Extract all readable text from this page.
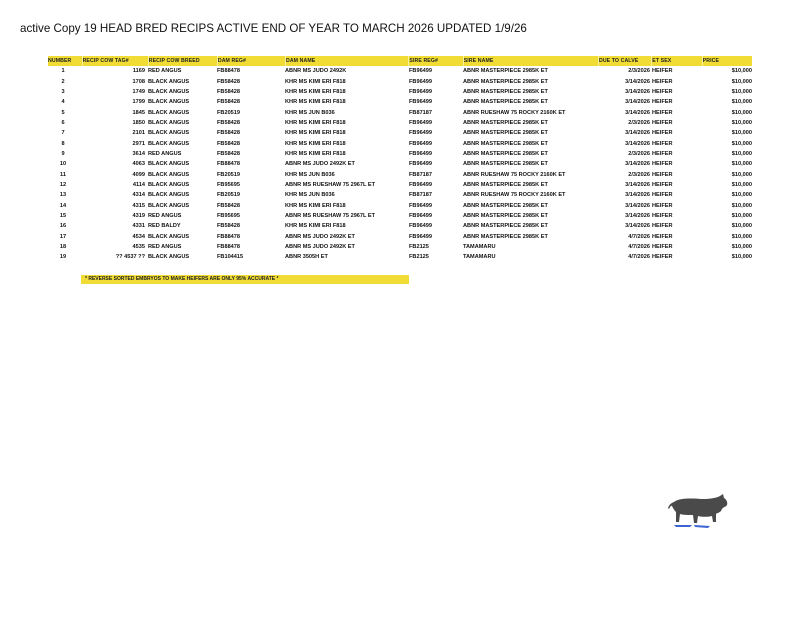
active Copy 19 HEAD BRED RECIPS ACTIVE END OF YEAR TO MARCH 2026 UPDATED 1/9/26
NUMBER	RECIP COW TAG#	RECIP COW BREED	DAM REG#	DAM NAME	SIRE REG#	SIRE NAME	DUE TO CALVE	ET SEX	PRICE
1	1169 RED ANGUS	FB88478	ABNR MS JUDO 2492K	FB96499	ABNR MASTERPIECE 2985K ET	2/3/2026 HEIFER	$10,000
2	1708 BLACK ANGUS	FB58428	KHR MS KIMI ERI F818	FB96499	ABNR MASTERPIECE 2985K ET	3/14/2026 HEIFER	$10,000
3	1749 BLACK ANGUS	FB58428	KHR MS KIMI ERI F818	FB96499	ABNR MASTERPIECE 2985K ET	3/14/2026 HEIFER	$10,000
4	1799 BLACK ANGUS	FB58428	KHR MS KIMI ERI F818	FB96499	ABNR MASTERPIECE 2985K ET	3/14/2026 HEIFER	$10,000
5	1845 BLACK ANGUS	FB20519	KHR MS JUN B036	FB87187	ABNR RUESHAW 75 ROCKY 2160K ET	3/14/2026 HEIFER	$10,000
6	1850 BLACK ANGUS	FB58428	KHR MS KIMI ERI F818	FB96499	ABNR MASTERPIECE 2985K ET	2/3/2026 HEIFER	$10,000
7	2101 BLACK ANGUS	FB58428	KHR MS KIMI ERI F818	FB96499	ABNR MASTERPIECE 2985K ET	3/14/2026 HEIFER	$10,000
8	2971 BLACK ANGUS	FB58428	KHR MS KIMI ERI F818	FB96499	ABNR MASTERPIECE 2985K ET	3/14/2026 HEIFER	$10,000
9	3614 RED ANGUS	FB58428	KHR MS KIMI ERI F818	FB96499	ABNR MASTERPIECE 2985K ET	2/3/2026 HEIFER	$10,000
10	4063 BLACK ANGUS	FB88478	ABNR MS JUDO 2492K ET	FB96499	ABNR MASTERPIECE 2985K ET	3/14/2026 HEIFER	$10,000
11	4099 BLACK ANGUS	FB20519	KHR MS JUN B036	FB87187	ABNR RUESHAW 75 ROCKY 2160K ET	2/3/2026 HEIFER	$10,000
12	4114 BLACK ANGUS	FB95695	ABNR MS RUESHAW 75 2967L ET	FB96499	ABNR MASTERPIECE 2985K ET	3/14/2026 HEIFER	$10,000
13	4314 BLACK ANGUS	FB20519	KHR MS JUN B036	FB87187	ABNR RUESHAW 75 ROCKY 2160K ET	3/14/2026 HEIFER	$10,000
14	4315 BLACK ANGUS	FB58428	KHR MS KIMI ERI F818	FB96499	ABNR MASTERPIECE 2985K ET	3/14/2026 HEIFER	$10,000
15	4319 RED ANGUS	FB95695	ABNR MS RUESHAW 75 2967L ET	FB96499	ABNR MASTERPIECE 2985K ET	3/14/2026 HEIFER	$10,000
16	4331 RED BALDY	FB58428	KHR MS KIMI ERI F818	FB96499	ABNR MASTERPIECE 2985K ET	3/14/2026 HEIFER	$10,000
17	4534 BLACK ANGUS	FB88478	ABNR MS JUDO 2492K ET	FB96499	ABNR MASTERPIECE 2985K ET	4/7/2026 HEIFER	$10,000
18	4535 RED ANGUS	FB88478	ABNR MS JUDO 2492K ET	FB2125	TAMAMARU	4/7/2026 HEIFER	$10,000
19	?? 4537 ?? BLACK ANGUS	FB104415	ABNR 3505H ET	FB2125	TAMAMARU	4/7/2026 HEIFER	$10,000
* REVERSE SORTED EMBRYOS TO MAKE HEIFERS ARE ONLY 95% ACCURATE *
